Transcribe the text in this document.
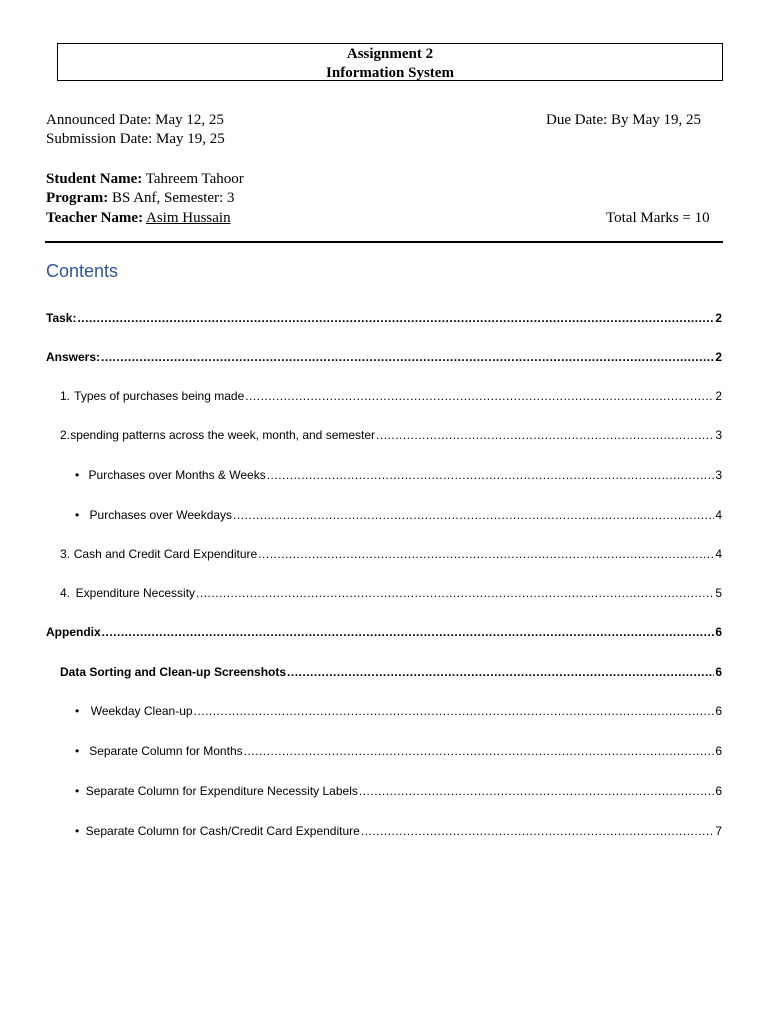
Assignment 2
Information System
Announced Date: May 12, 25	Due Date: By May 19, 25
Submission Date: May 19, 25
Student Name: Tahreem Tahoor
Program: BS Anf, Semester: 3
Teacher Name: Asim Hussain	Total Marks = 10
Contents
Task: .....	2
Answers: .....	2
1. Types of purchases being made .....	2
2. spending patterns across the week, month, and semester .....	3
• Purchases over Months & Weeks .....	3
• Purchases over Weekdays .....	4
3. Cash and Credit Card Expenditure .....	4
4. Expenditure Necessity .....	5
Appendix .....	6
Data Sorting and Clean-up Screenshots .....	6
• Weekday Clean-up .....	6
• Separate Column for Months .....	6
• Separate Column for Expenditure Necessity Labels .....	6
• Separate Column for Cash/Credit Card Expenditure .....	7
